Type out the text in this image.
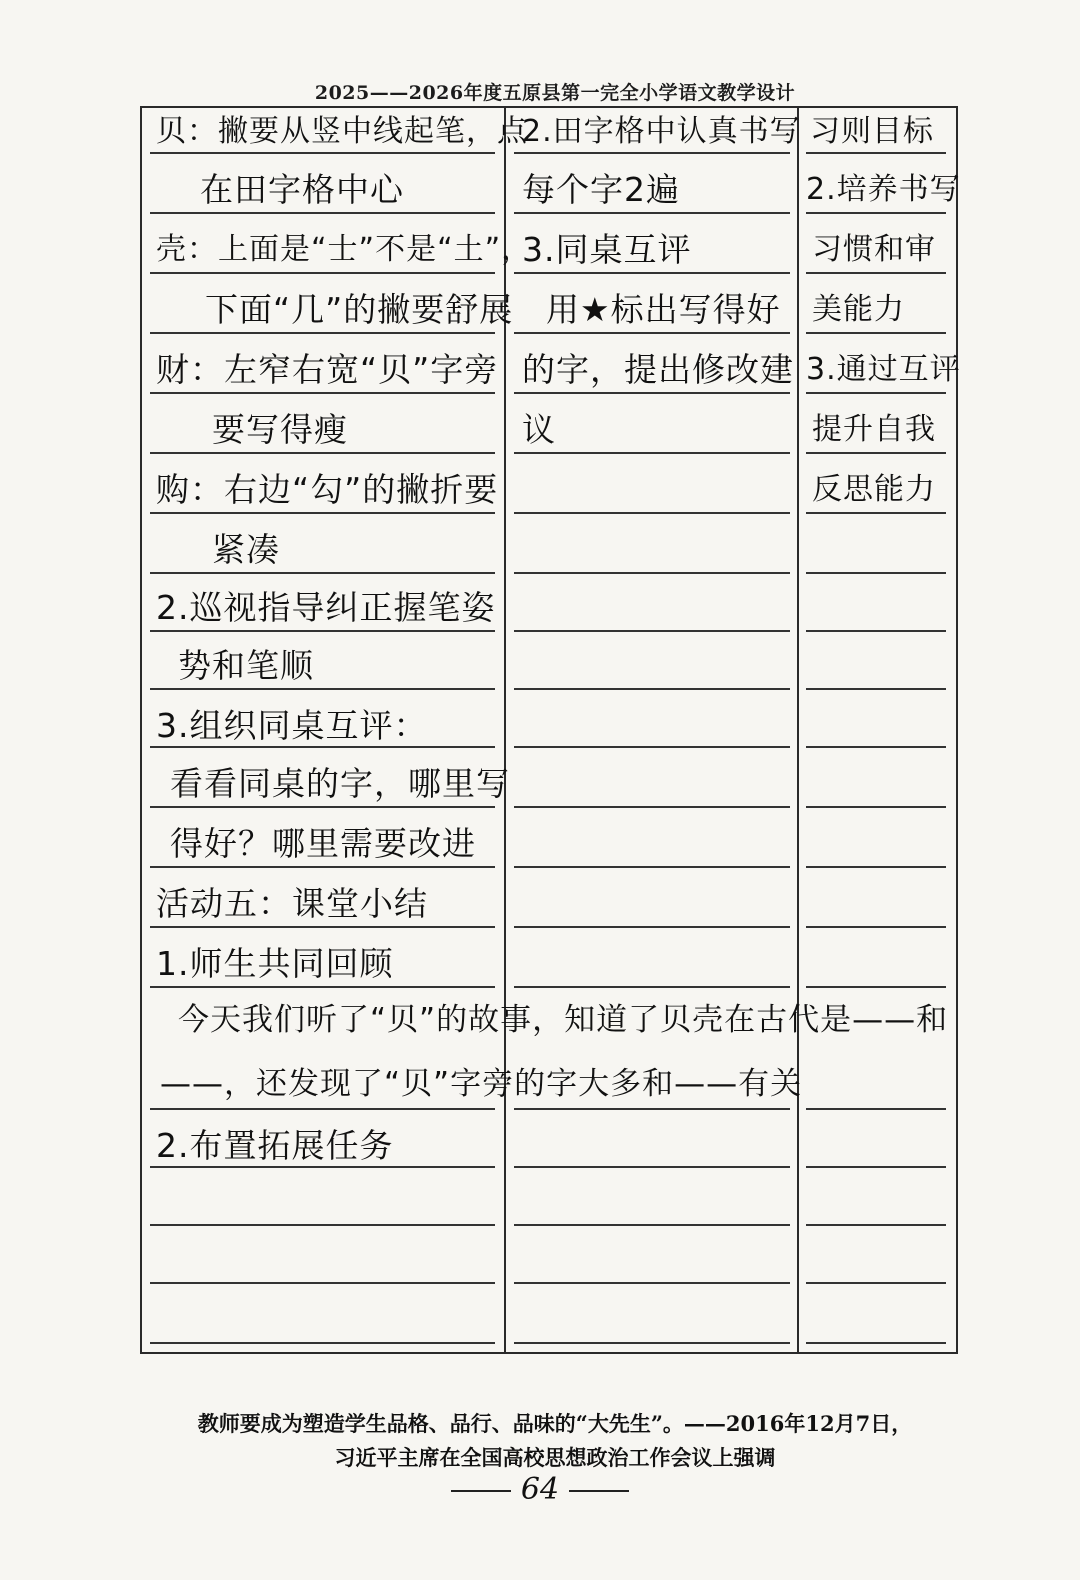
2025——2026年度五原县第一完全小学语文教学设计
贝：撇要从竖中线起笔，点
在田字格中心
壳：上面是“士”不是“土”，
下面“几”的撇要舒展
财：左窄右宽“贝”字旁
要写得瘦
购：右边“勾”的撇折要
紧凑
2.巡视指导纠正握笔姿
势和笔顺
3.组织同桌互评：
看看同桌的字，哪里写
得好？哪里需要改进
活动五：课堂小结
1.师生共同回顾
2.布置拓展任务
今天我们听了“贝”的故事，知道了贝壳在古代是——和
——，还发现了“贝”字旁的字大多和——有关
2.田字格中认真书写
每个字2遍
3.同桌互评
用★标出写得好
的字，提出修改建
议
习则目标
2.培养书写
习惯和审
美能力
3.通过互评
提升自我
反思能力
教师要成为塑造学生品格、品行、品味的“大先生”。——2016年12月7日，
习近平主席在全国高校思想政治工作会议上强调
64
